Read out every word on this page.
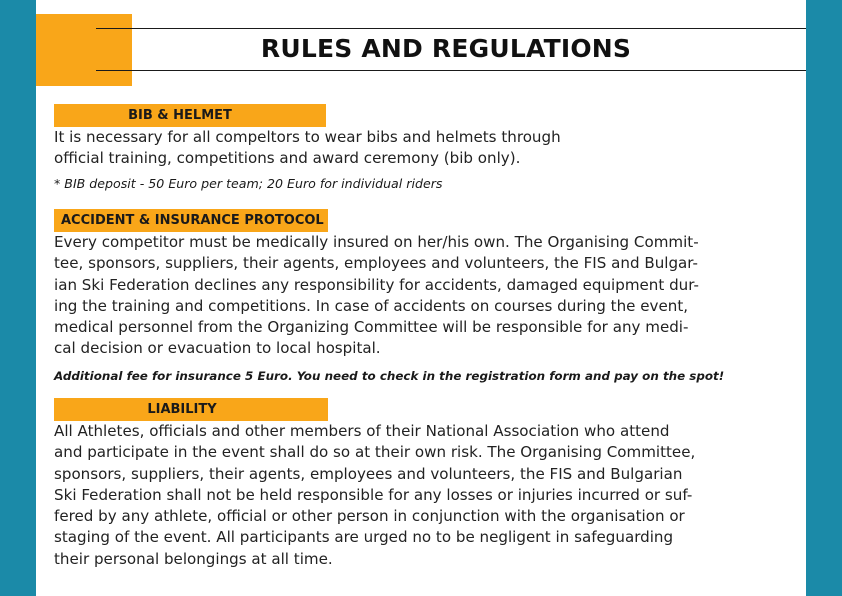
RULES AND REGULATIONS
BIB & HELMET
It is necessary for all compeltors to wear bibs and helmets through
official training, competitions and award ceremony (bib only).
* BIB deposit - 50 Euro per team; 20 Euro for individual riders
ACCIDENT & INSURANCE PROTOCOL
Every competitor must be medically insured on her/his own. The Organising Commit-
tee, sponsors, suppliers, their agents, employees and volunteers, the FIS and Bulgar-
ian Ski Federation declines any responsibility for accidents, damaged equipment dur-
ing the training and competitions. In case of accidents on courses during the event,
medical personnel from the Organizing Committee will be responsible for any medi-
cal decision or evacuation to local hospital.
Additional fee for insurance 5 Euro. You need to check in the registration form and pay on the spot!
LIABILITY
All Athletes, officials and other members of their National Association who attend
and participate in the event shall do so at their own risk. The Organising Committee,
sponsors, suppliers, their agents, employees and volunteers, the FIS and Bulgarian
Ski Federation shall not be held responsible for any losses or injuries incurred or suf-
fered by any athlete, official or other person in conjunction with the organisation or
staging of the event. All participants are urged no to be negligent in safeguarding
their personal belongings at all time.
